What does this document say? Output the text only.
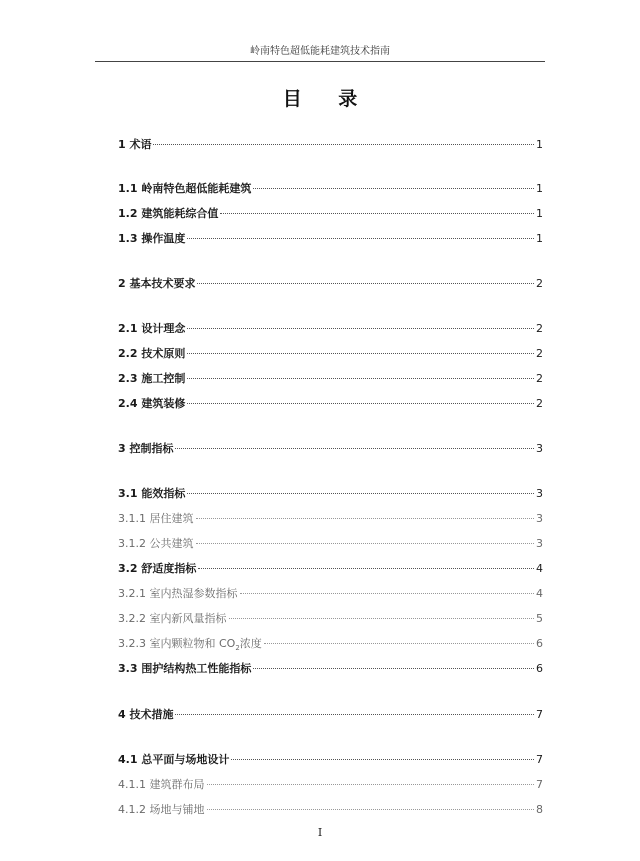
岭南特色超低能耗建筑技术指南
目 录
1 术语	1
1.1 岭南特色超低能耗建筑	1
1.2 建筑能耗综合值	1
1.3 操作温度	1
2 基本技术要求	2
2.1 设计理念	2
2.2 技术原则	2
2.3 施工控制	2
2.4 建筑装修	2
3 控制指标	3
3.1 能效指标	3
3.1.1 居住建筑	3
3.1.2 公共建筑	3
3.2 舒适度指标	4
3.2.1 室内热湿参数指标	4
3.2.2 室内新风量指标	5
3.2.3 室内颗粒物和 $CO_2$浓度	6
3.3 围护结构热工性能指标	6
4 技术措施	7
4.1 总平面与场地设计	7
4.1.1 建筑群布局	7
4.1.2 场地与铺地	8
I
